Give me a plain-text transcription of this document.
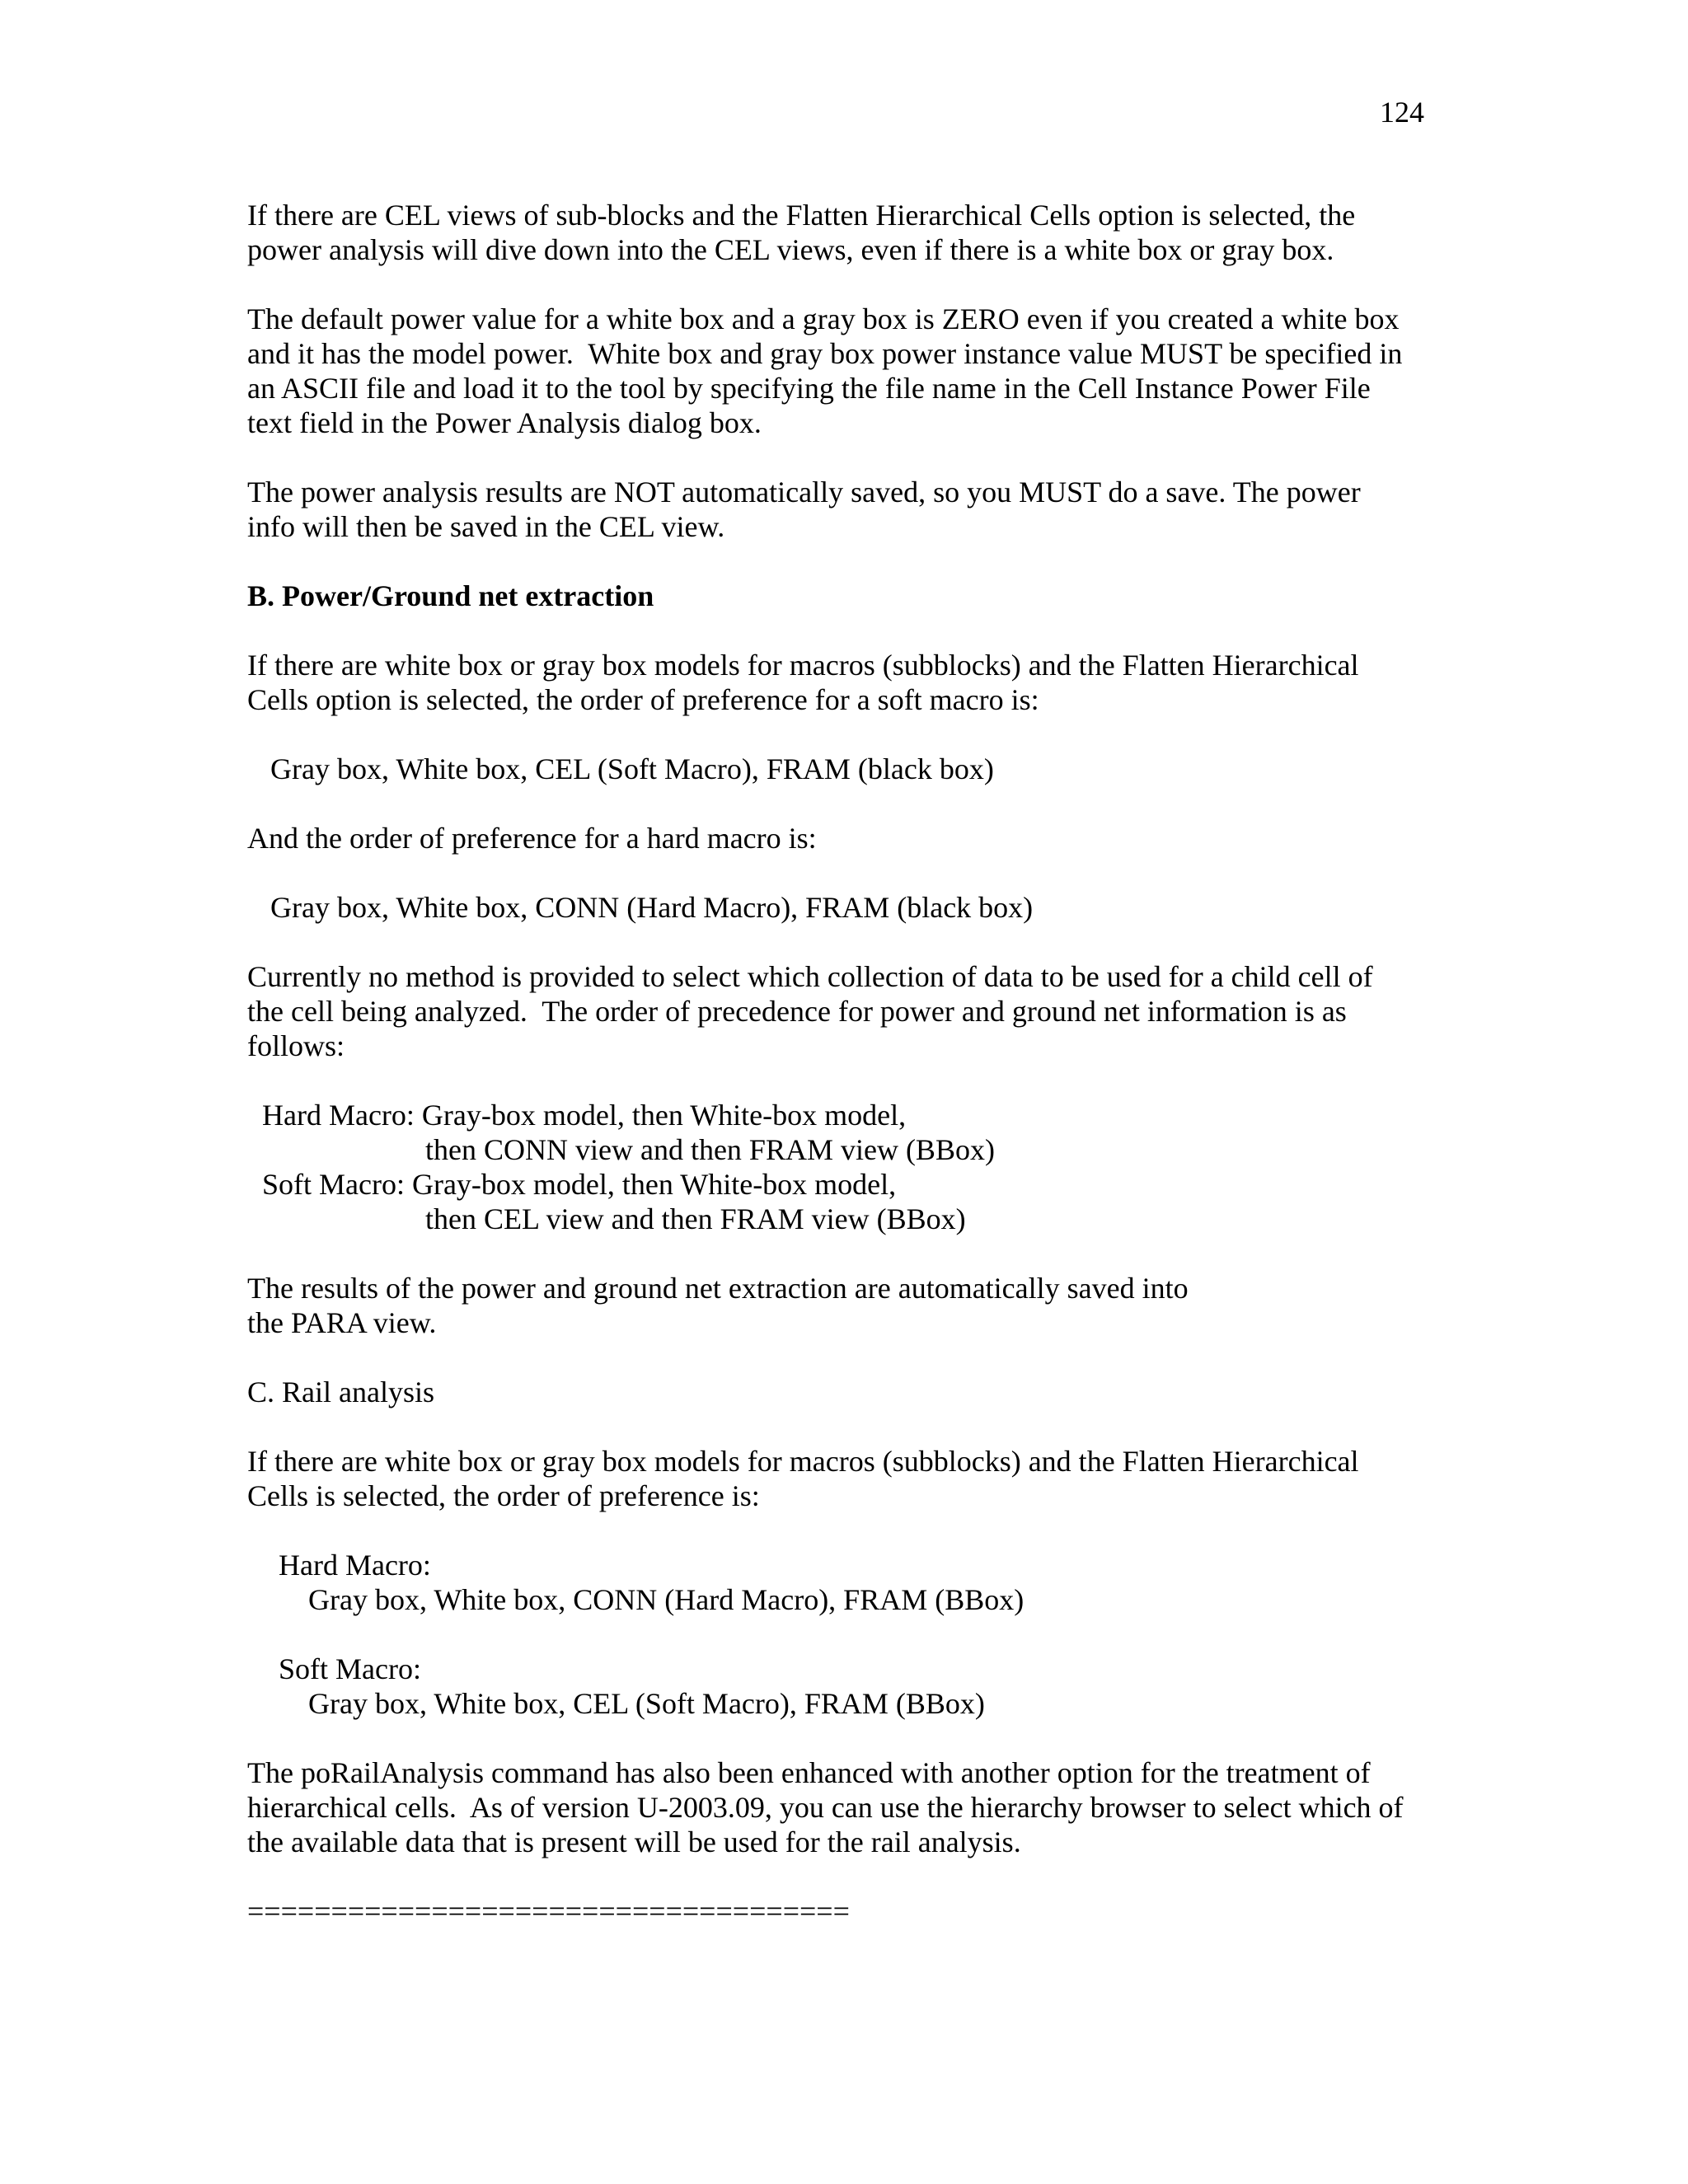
124

If there are CEL views of sub-blocks and the Flatten Hierarchical Cells option is selected, the
power analysis will dive down into the CEL views, even if there is a white box or gray box.

The default power value for a white box and a gray box is ZERO even if you created a white box
and it has the model power.  White box and gray box power instance value MUST be specified in
an ASCII file and load it to the tool by specifying the file name in the Cell Instance Power File
text field in the Power Analysis dialog box.

The power analysis results are NOT automatically saved, so you MUST do a save. The power
info will then be saved in the CEL view.

B. Power/Ground net extraction

If there are white box or gray box models for macros (subblocks) and the Flatten Hierarchical
Cells option is selected, the order of preference for a soft macro is:

Gray box, White box, CEL (Soft Macro), FRAM (black box)

And the order of preference for a hard macro is:

Gray box, White box, CONN (Hard Macro), FRAM (black box)

Currently no method is provided to select which collection of data to be used for a child cell of
the cell being analyzed.  The order of precedence for power and ground net information is as
follows:

Hard Macro: Gray-box model, then White-box model,
then CONN view and then FRAM view (BBox)
Soft Macro: Gray-box model, then White-box model,
then CEL view and then FRAM view (BBox)

The results of the power and ground net extraction are automatically saved into
the PARA view.

C. Rail analysis

If there are white box or gray box models for macros (subblocks) and the Flatten Hierarchical
Cells is selected, the order of preference is:

Hard Macro:
Gray box, White box, CONN (Hard Macro), FRAM (BBox)
Soft Macro:
Gray box, White box, CEL (Soft Macro), FRAM (BBox)

The poRailAnalysis command has also been enhanced with another option for the treatment of
hierarchical cells.  As of version U-2003.09, you can use the hierarchy browser to select which of
the available data that is present will be used for the rail analysis.

====================================
